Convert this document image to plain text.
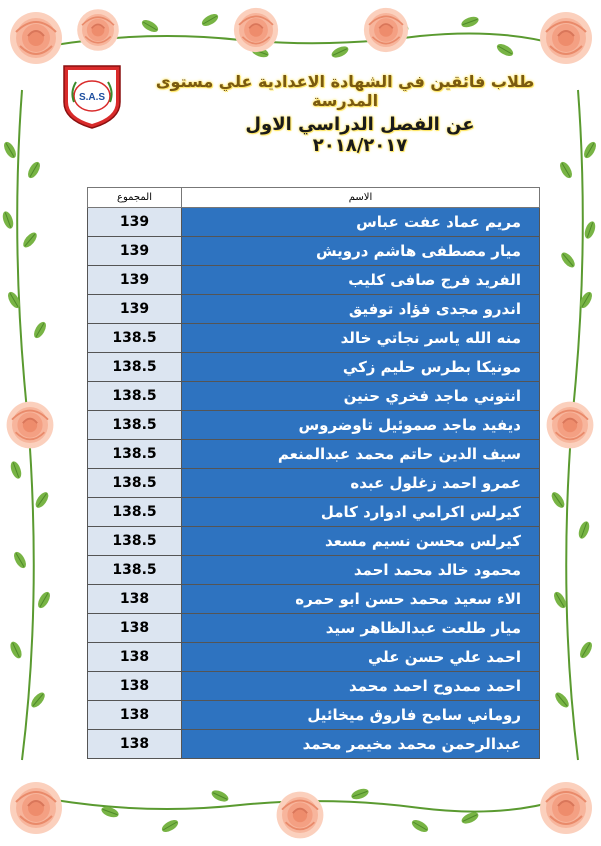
S.A.S
طلاب فائقين في الشهادة الاعدادية علي مستوى المدرسة
عن الفصل الدراسي الاول ٢٠١٨/٢٠١٧
المجموع	الاسم
139	مريم عماد عفت عباس
139	ميار مصطفى هاشم درويش
139	الفريد فرج صافى كليب
139	اندرو مجدى فؤاد توفيق
138.5	منه الله ياسر نجاتي خالد
138.5	مونيكا بطرس حليم زكي
138.5	انتوني ماجد فخري حنين
138.5	ديفيد ماجد صموئيل تاوضروس
138.5	سيف الدين حاتم محمد عبدالمنعم
138.5	عمرو احمد زغلول عبده
138.5	كيرلس اكرامي ادوارد كامل
138.5	كيرلس محسن نسيم مسعد
138.5	محمود خالد محمد احمد
138	الاء سعيد محمد حسن ابو حمره
138	ميار طلعت عبدالظاهر سيد
138	احمد علي حسن علي
138	احمد ممدوح احمد محمد
138	روماني سامح فاروق ميخائيل
138	عبدالرحمن محمد مخيمر محمد
